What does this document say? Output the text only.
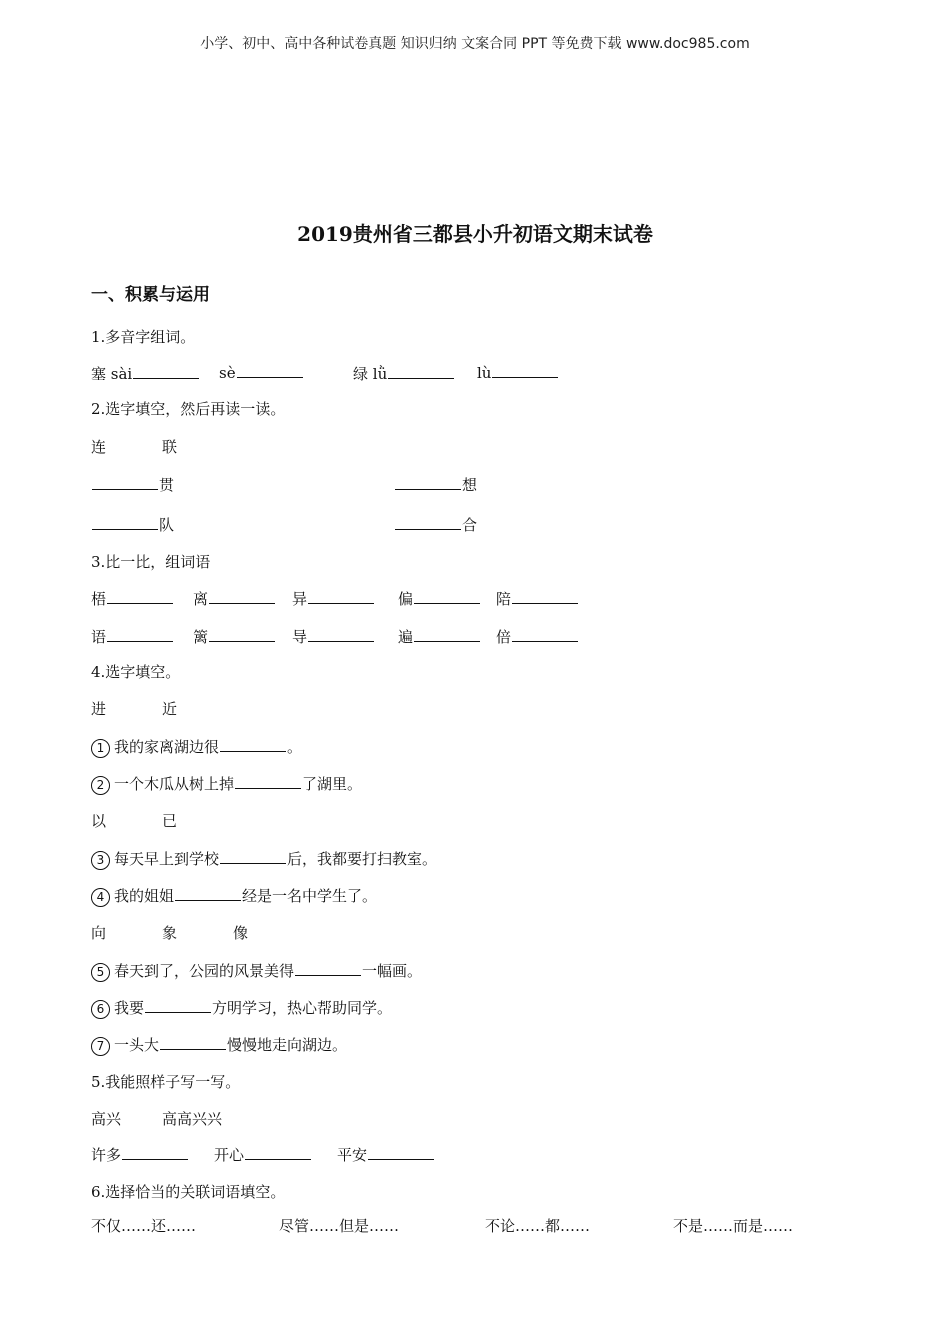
小学、初中、高中各种试卷真题 知识归纳 文案合同 PPT 等免费下载 www.doc985.com
2019贵州省三都县小升初语文期末试卷
一、积累与运用
1.多音字组词。
塞 sài	sè	绿 lǜ	lù
2.选字填空，然后再读一读。
连	联
贯	想
队	合
3.比一比，组词语
梧	离	异	偏	陪
语	篱	导	遍	倍
4.选字填空。
进	近
1 我的家离湖边很	。
2 一个木瓜从树上掉	了湖里。
以	已
3 每天早上到学校	后，我都要打扫教室。
4 我的姐姐	经是一名中学生了。
向	象	像
5 春天到了，公园的风景美得	一幅画。
6 我要	方明学习，热心帮助同学。
7 一头大	慢慢地走向湖边。
5.我能照样子写一写。
高兴	高高兴兴
许多	开心	平安
6.选择恰当的关联词语填空。
不仅……还……	尽管……但是……	不论……都……	不是……而是……
